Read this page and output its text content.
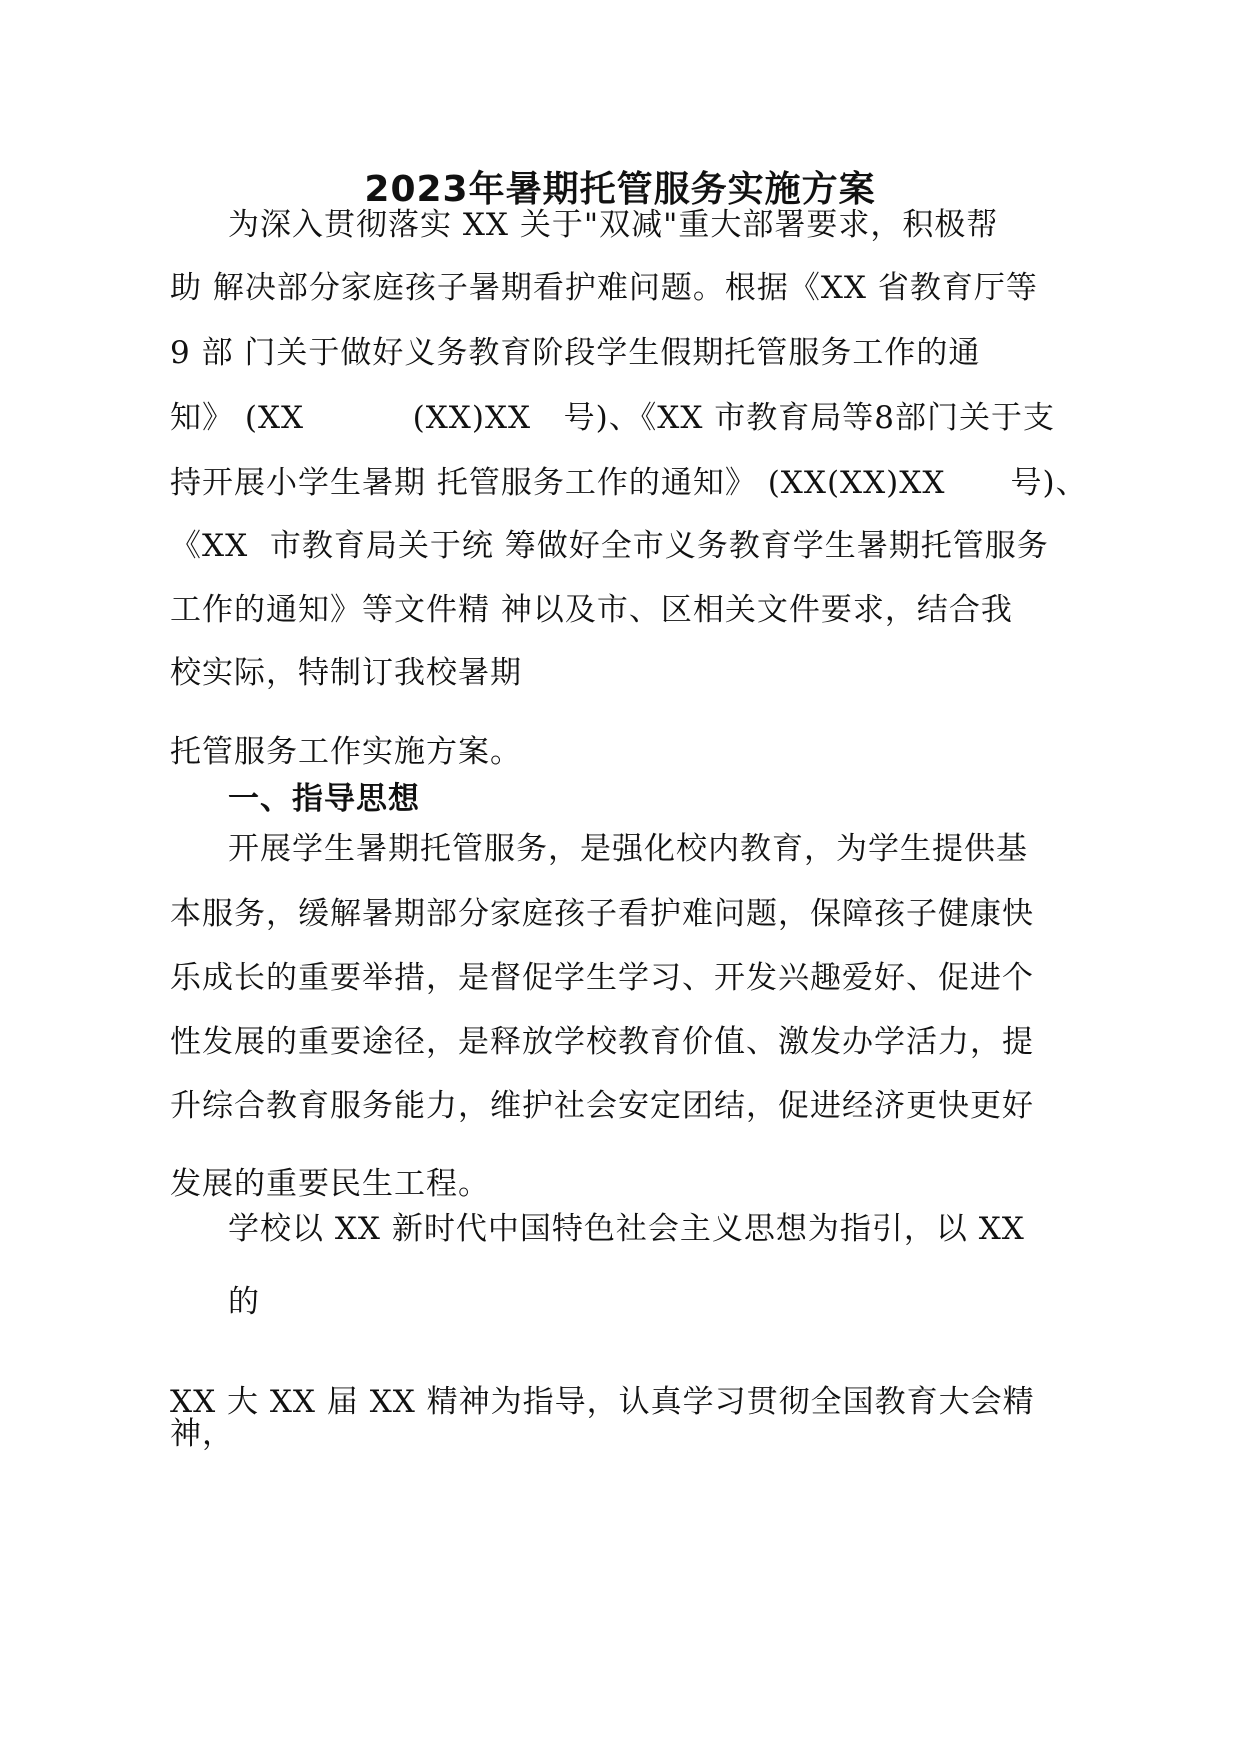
2023年暑期托管服务实施方案
为深入贯彻落实 XX 关于"双减"重大部署要求，积极帮
助 解决部分家庭孩子暑期看护难问题。根据《XX 省教育厅等
9 部 门关于做好义务教育阶段学生假期托管服务工作的通
知》 (XX          (XX)XX   号)、《XX 市教育局等8部门关于支
持开展小学生暑期 托管服务工作的通知》 (XX(XX)XX      号)、
《XX  市教育局关于统 筹做好全市义务教育学生暑期托管服务
工作的通知》等文件精 神以及市、区相关文件要求，结合我
校实际，特制订我校暑期
托管服务工作实施方案。
一、指导思想
开展学生暑期托管服务，是强化校内教育，为学生提供基
本服务，缓解暑期部分家庭孩子看护难问题，保障孩子健康快
乐成长的重要举措，是督促学生学习、开发兴趣爱好、促进个
性发展的重要途径，是释放学校教育价值、激发办学活力，提
升综合教育服务能力，维护社会安定团结，促进经济更快更好
发展的重要民生工程。
学校以 XX 新时代中国特色社会主义思想为指引，以 XX
的
XX 大 XX 届 XX 精神为指导，认真学习贯彻全国教育大会精
神，
